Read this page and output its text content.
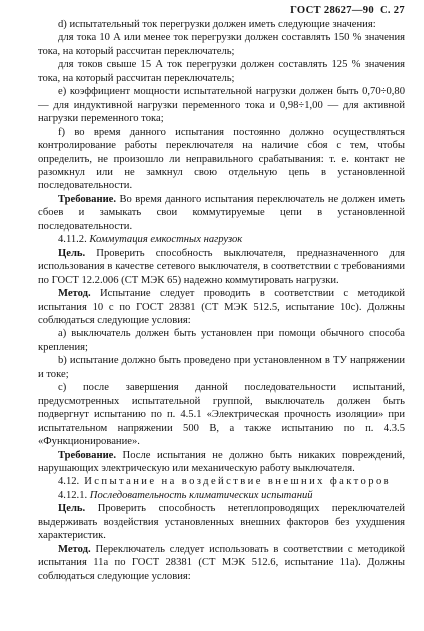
ГОСТ 28627—90 С. 27

d) испытательный ток перегрузки должен иметь следующие значения:

для тока 10 А или менее ток перегрузки должен составлять 150 % значения тока, на который рассчитан переключатель;

для токов свыше 15 А ток перегрузки должен составлять 125 % значения тока, на который рассчитан переключатель;

e) коэффициент мощности испытательной нагрузки должен быть 0,70÷0,80 — для индуктивной нагрузки переменного тока и 0,98÷1,00 — для активной нагрузки переменного тока;

f) во время данного испытания постоянно должно осуществляться контролирование работы переключателя на наличие сбоя с тем, чтобы определить, не произошло ли неправильного срабатывания: т. е. контакт не разомкнул или не замкнул свою отдельную цепь в установленной последовательности.

Требование. Во время данного испытания переключатель не должен иметь сбоев и замыкать свои коммутируемые цепи в установленной последовательности.

4.11.2. Коммутация емкостных нагрузок

Цель. Проверить способность выключателя, предназначенного для использования в качестве сетевого выключателя, в соответствии с требованиями по ГОСТ 12.2.006 (СТ МЭК 65) надежно коммутировать нагрузки.

Метод. Испытание следует проводить в соответствии с методикой испытания 10 с по ГОСТ 28381 (СТ МЭК 512.5, испытание 10с). Должны соблюдаться следующие условия:

a) выключатель должен быть установлен при помощи обычного способа крепления;

b) испытание должно быть проведено при установленном в ТУ напряжении и токе;

c) после завершения данной последовательности испытаний, предусмотренных испытательной группой, выключатель должен быть подвергнут испытанию по п. 4.5.1 «Электрическая прочность изоляции» при испытательном напряжении 500 В, а также испытанию по п. 4.3.5 «Функционирование».

Требование. После испытания не должно быть никаких повреждений, нарушающих электрическую или механическую работу выключателя.

4.12. Испытание на воздействие внешних факторов

4.12.1. Последовательность климатических испытаний

Цель. Проверить способность нетеплопроводящих переключателей выдерживать воздействия установленных внешних факторов без ухудшения характеристик.

Метод. Переключатель следует использовать в соответствии с методикой испытания 11а по ГОСТ 28381 (СТ МЭК 512.6, испытание 11а). Должны соблюдаться следующие условия:
